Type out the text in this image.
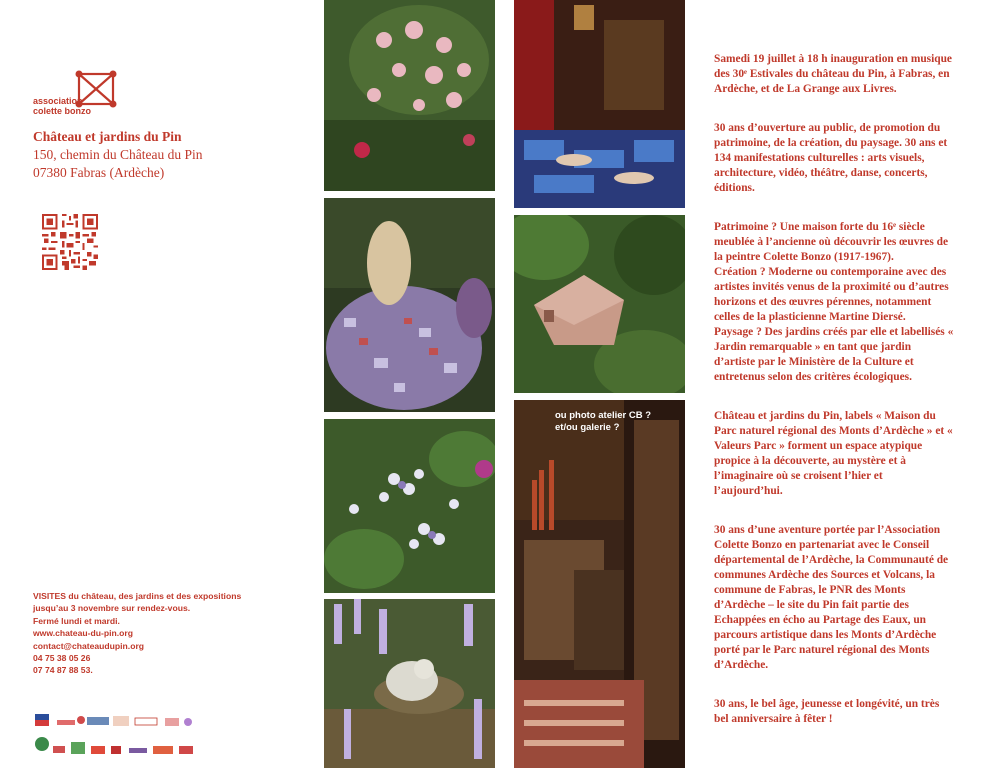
association
colette bonzo
Château et jardins du Pin
150, chemin du Château du Pin
07380 Fabras (Ardèche)
VISITES du château, des jardins et des expositions
jusqu’au 3 novembre sur rendez-vous.
Fermé lundi et mardi.
www.chateau-du-pin.org
contact@chateaudupin.org
04 75 38 05 26
07 74 87 88 53.
ou photo atelier CB ?
et/ou galerie ?

Samedi 19 juillet à 18 h inauguration en musique des 30ᵉ Estivales du château du Pin, à Fabras, en Ardèche, et de La Grange aux Livres.

30 ans d’ouverture au public, de promotion du patrimoine, de la création, du paysage. 30 ans et 134 manifestations culturelles : arts visuels, architecture, vidéo, théâtre, danse, concerts, éditions.

Patrimoine ? Une maison forte du 16ᵉ siècle meublée à l’ancienne où découvrir les œuvres de la peintre Colette Bonzo (1917-1967).

Création ? Moderne ou contemporaine avec des artistes invités venus de la proximité ou d’autres horizons et des œuvres pérennes, notamment celles de la plasticienne Martine Diersé.

Paysage ? Des jardins créés par elle et labellisés « Jardin remarquable » en tant que jardin d’artiste par le Ministère de la Culture et entretenus selon des critères écologiques.

Château et jardins du Pin, labels « Maison du Parc naturel régional des Monts d’Ardèche » et « Valeurs Parc » forment un espace atypique propice à la découverte, au mystère et à l’imaginaire où se croisent l’hier et l’aujourd’hui.

30 ans d’une aventure portée par l’Association Colette Bonzo en partenariat avec le Conseil départemental de l’Ardèche, la Communauté de communes Ardèche des Sources et Volcans, la commune de Fabras, le PNR des Monts d’Ardèche – le site du Pin fait partie des Echappées en écho au Partage des Eaux, un parcours artistique dans les Monts d’Ardèche porté par le Parc naturel régional des Monts d’Ardèche.

30 ans, le bel âge, jeunesse et longévité, un très bel anniversaire à fêter !
